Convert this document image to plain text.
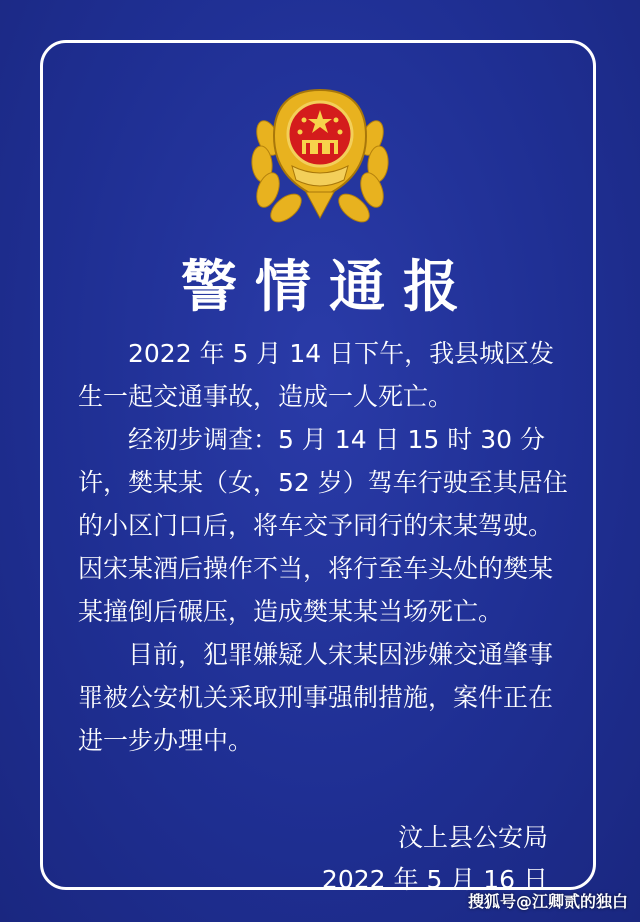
警情通报

2022 年 5 月 14 日下午，我县城区发生一起交通事故，造成一人死亡。

经初步调查：5 月 14 日 15 时 30 分许，樊某某（女，52 岁）驾车行驶至其居住的小区门口后，将车交予同行的宋某驾驶。因宋某酒后操作不当，将行至车头处的樊某某撞倒后碾压，造成樊某某当场死亡。

目前，犯罪嫌疑人宋某因涉嫌交通肇事罪被公安机关采取刑事强制措施，案件正在进一步办理中。

汶上县公安局
2022 年 5 月 16 日
搜狐号@江卿贰的独白
